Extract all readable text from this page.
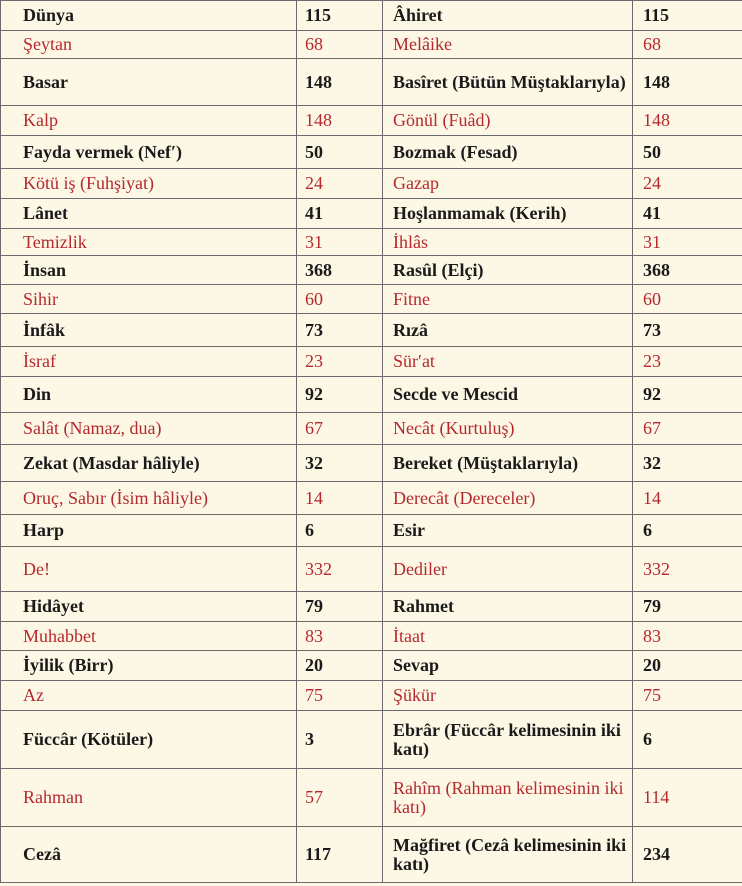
Dünya	115	Âhiret	115
Şeytan	68	Melâike	68
Basar	148	Basîret (Bütün Müştaklarıyla)	148
Kalp	148	Gönül (Fuâd)	148
Fayda vermek (Nef′)	50	Bozmak (Fesad)	50
Kötü iş (Fuhşiyat)	24	Gazap	24
Lânet	41	Hoşlanmamak (Kerih)	41
Temizlik	31	İhlâs	31
İnsan	368	Rasûl (Elçi)	368
Sihir	60	Fitne	60
İnfâk	73	Rızâ	73
İsraf	23	Sür′at	23
Din	92	Secde ve Mescid	92
Salât (Namaz, dua)	67	Necât (Kurtuluş)	67
Zekat (Masdar hâliyle)	32	Bereket (Müştaklarıyla)	32
Oruç, Sabır (İsim hâliyle)	14	Derecât (Dereceler)	14
Harp	6	Esir	6
De!	332	Dediler	332
Hidâyet	79	Rahmet	79
Muhabbet	83	İtaat	83
İyilik (Birr)	20	Sevap	20
Az	75	Şükür	75
Füccâr (Kötüler)	3	Ebrâr (Füccâr kelimesinin iki katı)	6
Rahman	57	Rahîm (Rahman kelimesinin iki katı)	114
Cezâ	117	Mağfiret (Cezâ kelimesinin iki katı)	234
